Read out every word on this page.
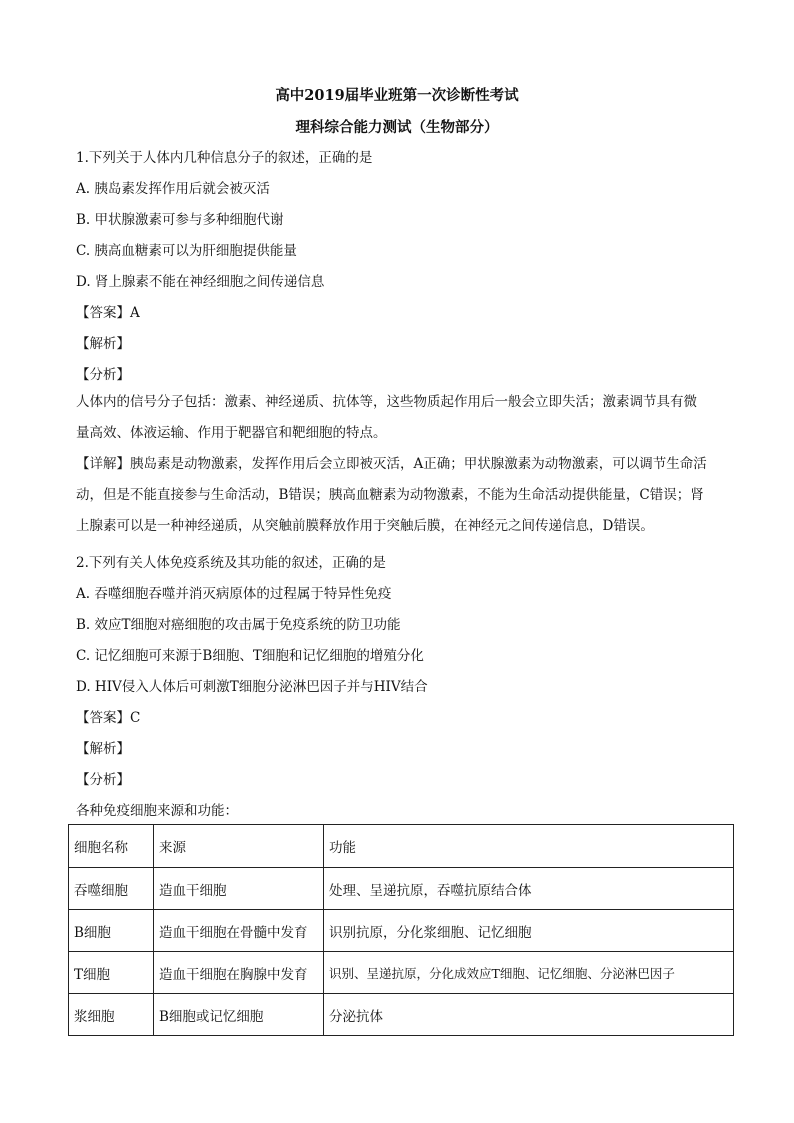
高中2019届毕业班第一次诊断性考试
理科综合能力测试（生物部分）
1.下列关于人体内几种信息分子的叙述，正确的是
A. 胰岛素发挥作用后就会被灭活
B. 甲状腺激素可参与多种细胞代谢
C. 胰高血糖素可以为肝细胞提供能量
D. 肾上腺素不能在神经细胞之间传递信息
【答案】A
【解析】
【分析】
人体内的信号分子包括：激素、神经递质、抗体等，这些物质起作用后一般会立即失活；激素调节具有微
量高效、体液运输、作用于靶器官和靶细胞的特点。
【详解】胰岛素是动物激素，发挥作用后会立即被灭活，A正确；甲状腺激素为动物激素，可以调节生命活
动，但是不能直接参与生命活动，B错误；胰高血糖素为动物激素，不能为生命活动提供能量，C错误；肾
上腺素可以是一种神经递质，从突触前膜释放作用于突触后膜，在神经元之间传递信息，D错误。
2.下列有关人体免疫系统及其功能的叙述，正确的是
A. 吞噬细胞吞噬并消灭病原体的过程属于特异性免疫
B. 效应T细胞对癌细胞的攻击属于免疫系统的防卫功能
C. 记忆细胞可来源于B细胞、T细胞和记忆细胞的增殖分化
D. HIV侵入人体后可刺激T细胞分泌淋巴因子并与HIV结合
【答案】C
【解析】
【分析】
各种免疫细胞来源和功能：
细胞名称	来源	功能
吞噬细胞	造血干细胞	处理、呈递抗原，吞噬抗原结合体
B细胞	造血干细胞在骨髓中发育	识别抗原，分化浆细胞、记忆细胞
T细胞	造血干细胞在胸腺中发育	识别、呈递抗原，分化成效应T细胞、记忆细胞、分泌淋巴因子
浆细胞	B细胞或记忆细胞	分泌抗体
